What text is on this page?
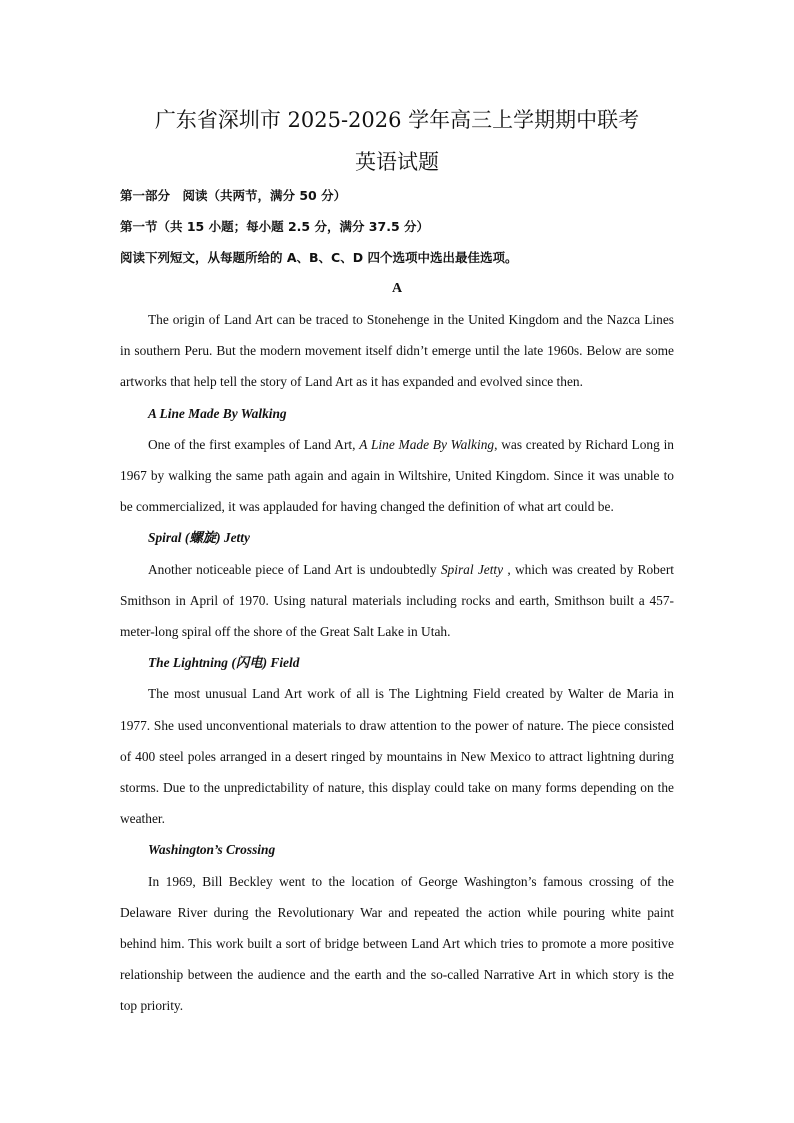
广东省深圳市 2025-2026 学年高三上学期期中联考
英语试题
第一部分　阅读（共两节，满分 50 分）
第一节（共 15 小题；每小题 2.5 分，满分 37.5 分）
阅读下列短文，从每题所给的 A、B、C、D 四个选项中选出最佳选项。
A

The origin of Land Art can be traced to Stonehenge in the United Kingdom and the Nazca Lines in southern Peru. But the modern movement itself didn’t emerge until the late 1960s. Below are some artworks that help tell the story of Land Art as it has expanded and evolved since then.

A Line Made By Walking

One of the first examples of Land Art, A Line Made By Walking, was created by Richard Long in 1967 by walking the same path again and again in Wiltshire, United Kingdom. Since it was unable to be commercialized, it was applauded for having changed the definition of what art could be.

Spiral (螺旋) Jetty

Another noticeable piece of Land Art is undoubtedly Spiral Jetty , which was created by Robert Smithson in April of 1970. Using natural materials including rocks and earth, Smithson built a 457-meter-long spiral off the shore of the Great Salt Lake in Utah.

The Lightning (闪电) Field

The most unusual Land Art work of all is The Lightning Field created by Walter de Maria in 1977. She used unconventional materials to draw attention to the power of nature. The piece consisted of 400 steel poles arranged in a desert ringed by mountains in New Mexico to attract lightning during storms. Due to the unpredictability of nature, this display could take on many forms depending on the weather.

Washington’s Crossing

In 1969, Bill Beckley went to the location of George Washington’s famous crossing of the Delaware River during the Revolutionary War and repeated the action while pouring white paint behind him. This work built a sort of bridge between Land Art which tries to promote a more positive relationship between the audience and the earth and the so-called Narrative Art in which story is the top priority.
